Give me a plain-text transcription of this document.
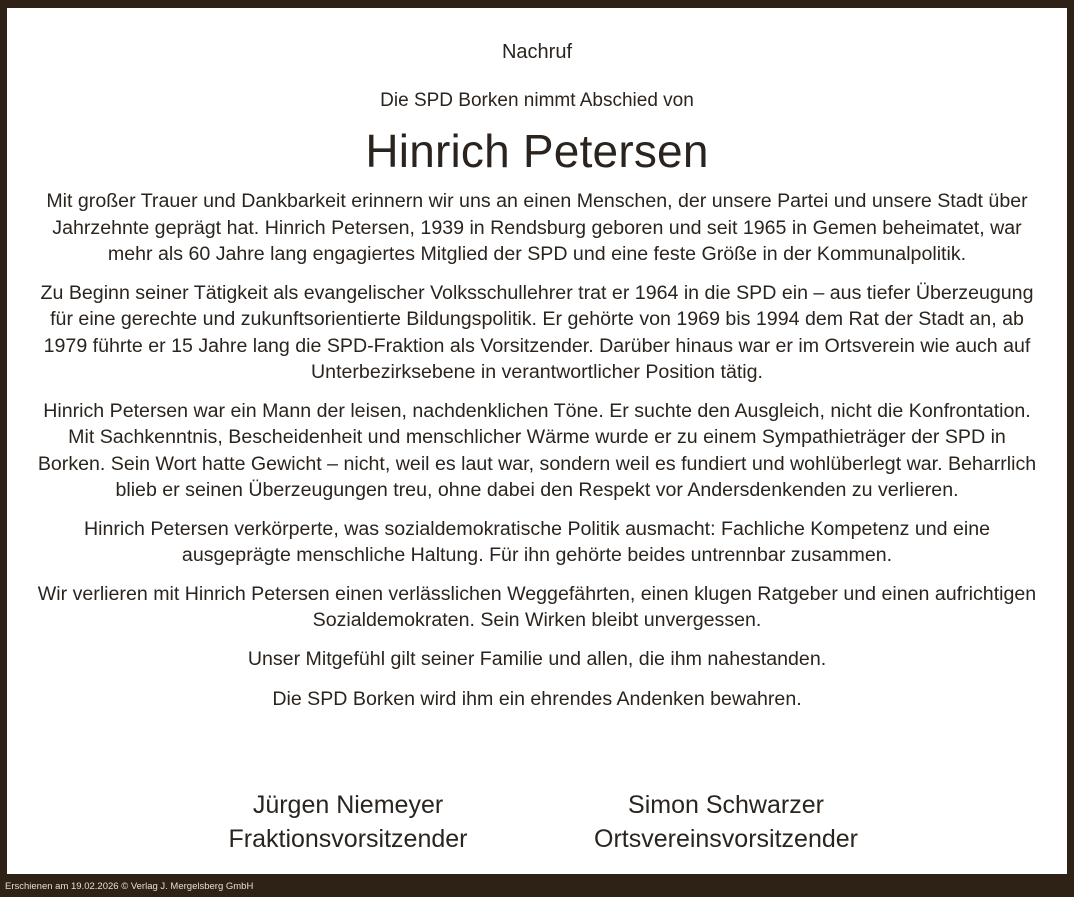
Nachruf
Die SPD Borken nimmt Abschied von
Hinrich Petersen

Mit großer Trauer und Dankbarkeit erinnern wir uns an einen Menschen, der unsere Partei und unsere Stadt über Jahrzehnte geprägt hat. Hinrich Petersen, 1939 in Rendsburg geboren und seit 1965 in Gemen beheimatet, war mehr als 60 Jahre lang engagiertes Mitglied der SPD und eine feste Größe in der Kommunalpolitik.

Zu Beginn seiner Tätigkeit als evangelischer Volksschullehrer trat er 1964 in die SPD ein – aus tiefer Überzeugung für eine gerechte und zukunftsorientierte Bildungspolitik. Er gehörte von 1969 bis 1994 dem Rat der Stadt an, ab 1979 führte er 15 Jahre lang die SPD-Fraktion als Vorsitzender. Darüber hinaus war er im Ortsverein wie auch auf Unterbezirksebene in verantwortlicher Position tätig.

Hinrich Petersen war ein Mann der leisen, nachdenklichen Töne. Er suchte den Ausgleich, nicht die Konfrontation. Mit Sachkenntnis, Bescheidenheit und menschlicher Wärme wurde er zu einem Sympathieträger der SPD in Borken. Sein Wort hatte Gewicht – nicht, weil es laut war, sondern weil es fundiert und wohlüberlegt war. Beharrlich blieb er seinen Überzeugungen treu, ohne dabei den Respekt vor Andersdenkenden zu verlieren.

Hinrich Petersen verkörperte, was sozialdemokratische Politik ausmacht: Fachliche Kompetenz und eine ausgeprägte menschliche Haltung. Für ihn gehörte beides untrennbar zusammen.

Wir verlieren mit Hinrich Petersen einen verlässlichen Weggefährten, einen klugen Ratgeber und einen aufrichtigen Sozialdemokraten. Sein Wirken bleibt unvergessen.

Unser Mitgefühl gilt seiner Familie und allen, die ihm nahestanden.

Die SPD Borken wird ihm ein ehrendes Andenken bewahren.

Jürgen Niemeyer
Fraktionsvorsitzender
Simon Schwarzer
Ortsvereinsvorsitzender
Erschienen am 19.02.2026 © Verlag J. Mergelsberg GmbH
